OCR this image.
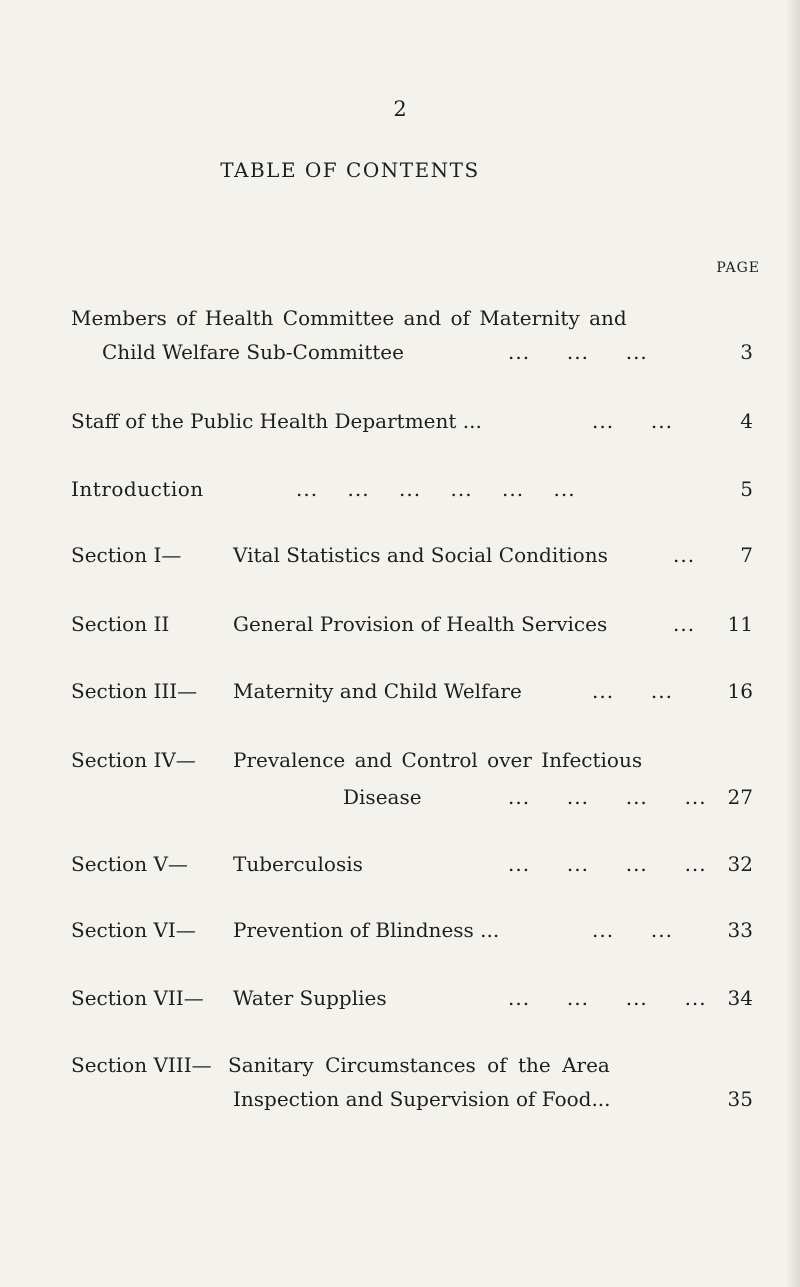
2
TABLE OF CONTENTS
PAGE
Members of Health Committee and of Maternity and
Child Welfare Sub-Committee	...     ...     ...	3
Staff of the Public Health Department ...	...     ...	4
Introduction	...    ...    ...    ...    ...    ...	5
Section I—	Vital Statistics and Social Conditions	...	7
Section II	General Provision of Health Services	...	11
Section III— Maternity and Child Welfare	...     ...	16
Section IV— Prevalence and Control over Infectious
Disease	...     ...     ...     ...	27
Section V— Tuberculosis	...     ...     ...     ...	32
Section VI— Prevention of Blindness ...	...     ...	33
Section VII— Water Supplies	...     ...     ...     ...	34
Section VIII— Sanitary Circumstances of the Area
Inspection and Supervision of Food...	35
